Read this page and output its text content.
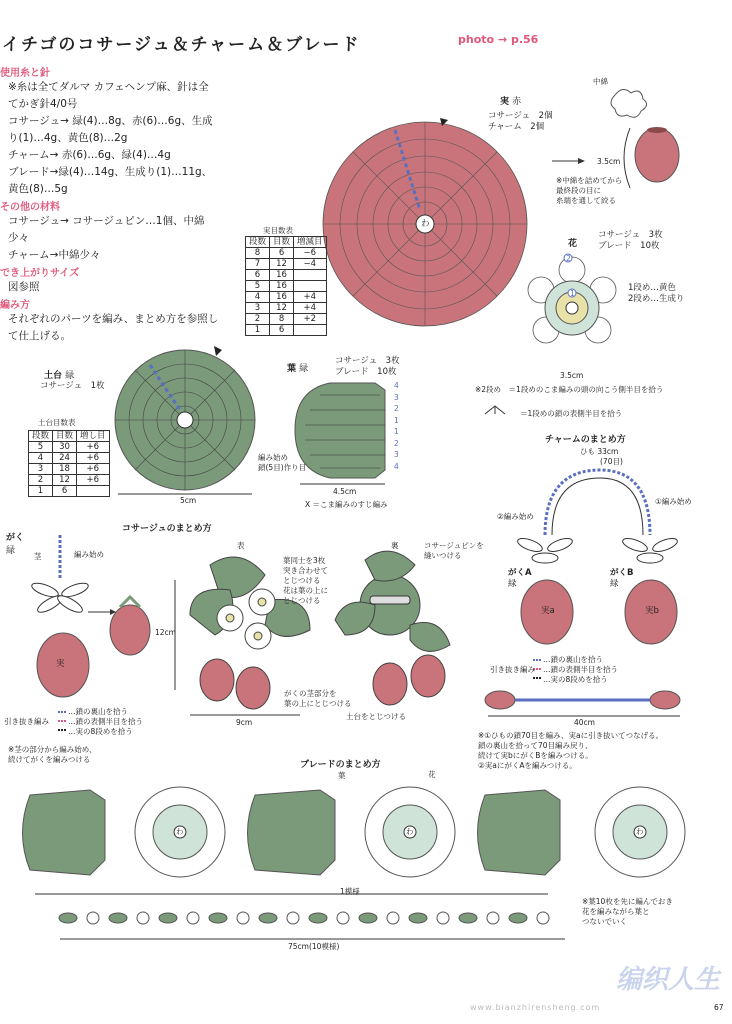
イチゴのコサージュ＆チャーム＆ブレード	photo → p.56
使用糸と針
※糸は全てダルマ カフェヘンプ麻、針は全
てかぎ針4/0号
コサージュ→ 緑(4)…8g、赤(6)…6g、生成
り(1)…4g、黄色(8)…2g
チャーム→ 赤(6)…6g、緑(4)…4g
ブレード→緑(4)…14g、生成り(1)…11g、
黄色(8)…5g
その他の材料
コサージュ→ コサージュピン…1個、中綿
少々
チャーム→中綿少々
でき上がりサイズ
図参照
編み方
それぞれのパーツを編み、まとめ方を参照し
て仕上げる。
実 赤
コサージュ　2個
チャーム　2個
わ
実目数表
段数	目数	増減目
8	6	−6
7	12	−4
6	16	
5	16	
4	16	+4
3	12	+4
2	8	+2
1	6	
中綿
3.5cm
※中綿を詰めてから
最終段の目に
糸端を通して絞る
花
コサージュ　3枚
ブレード　10枚
2
1
1段め…黄色
2段め…生成り
3.5cm
※2段め　＝1段めのこま編みの頭の向こう側半目を拾う
＝1段めの鎖の表側半目を拾う
土台 緑
コサージュ　1枚
5cm
土台目数表
段数	目数	増し目
5	30	+6
4	24	+6
3	18	+6
2	12	+6
1	6	
葉 緑
コサージュ　3枚
ブレード　10枚
4
3
2
1
1
2
3
4
編み始め
鎖(5目)作り目
4.5cm
X ＝こま編みのすじ編み
がく
緑
茎	編み始め
実
引き抜き編み
…鎖の裏山を拾う
…鎖の表側半目を拾う
…実の8段めを拾う
※茎の部分から編み始め、
続けてがくを編みつける
コサージュのまとめ方
表	裏
葉同士を3枚
突き合わせて
とじつける
花は葉の上に
とじつける
がくの茎部分を
葉の上にとじつける
コサージュピンを
縫いつける
土台をとじつける
12cm
9cm
チャームのまとめ方
ひも 33cm
(70目)
②編み始め
①編み始め
がくA
緑
がくB
緑
実a	実b
引き抜き編み
…鎖の裏山を拾う
…鎖の表側半目を拾う
…実の8段めを拾う
40cm
※①ひもの鎖70目を編み、実aに引き抜いてつなげる。
鎖の裏山を拾って70目編み戻り、
続けて実bにがくBを編みつける。
②実aにがくAを編みつける。
ブレードのまとめ方
葉	花
わ	わ	わ
1模様
75cm(10模様)
※葉10枚を先に編んでおき
花を編みながら葉と
つないでいく
编织人生
www.bianzhirensheng.com	67
